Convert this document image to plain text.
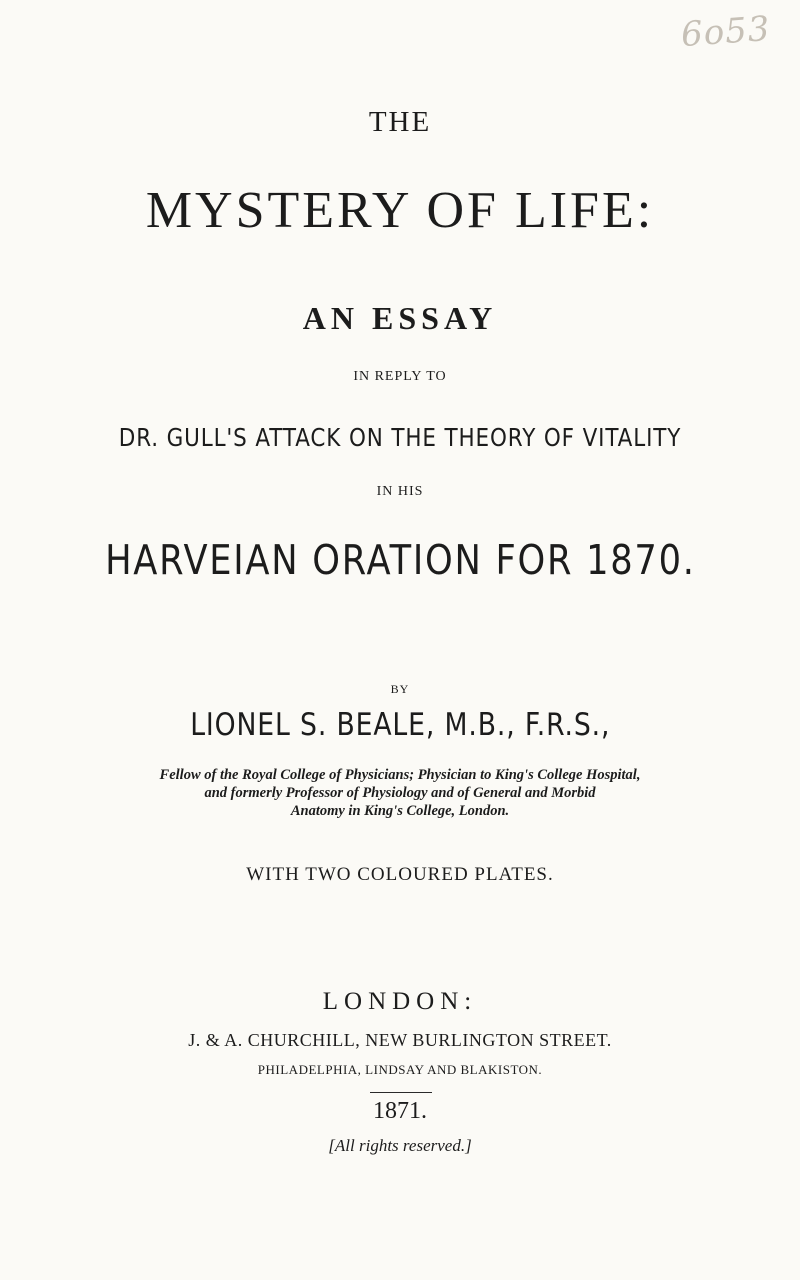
6o53
THE
MYSTERY OF LIFE:
AN ESSAY
IN REPLY TO
DR. GULL'S ATTACK ON THE THEORY OF VITALITY
IN HIS
HARVEIAN ORATION FOR 1870.
BY
LIONEL S. BEALE, M.B., F.R.S.,
Fellow of the Royal College of Physicians; Physician to King's College Hospital,
and formerly Professor of Physiology and of General and Morbid
Anatomy in King's College, London.
WITH TWO COLOURED PLATES.
LONDON:
J. & A. CHURCHILL, NEW BURLINGTON STREET.
PHILADELPHIA, LINDSAY AND BLAKISTON.
1871.
[All rights reserved.]
